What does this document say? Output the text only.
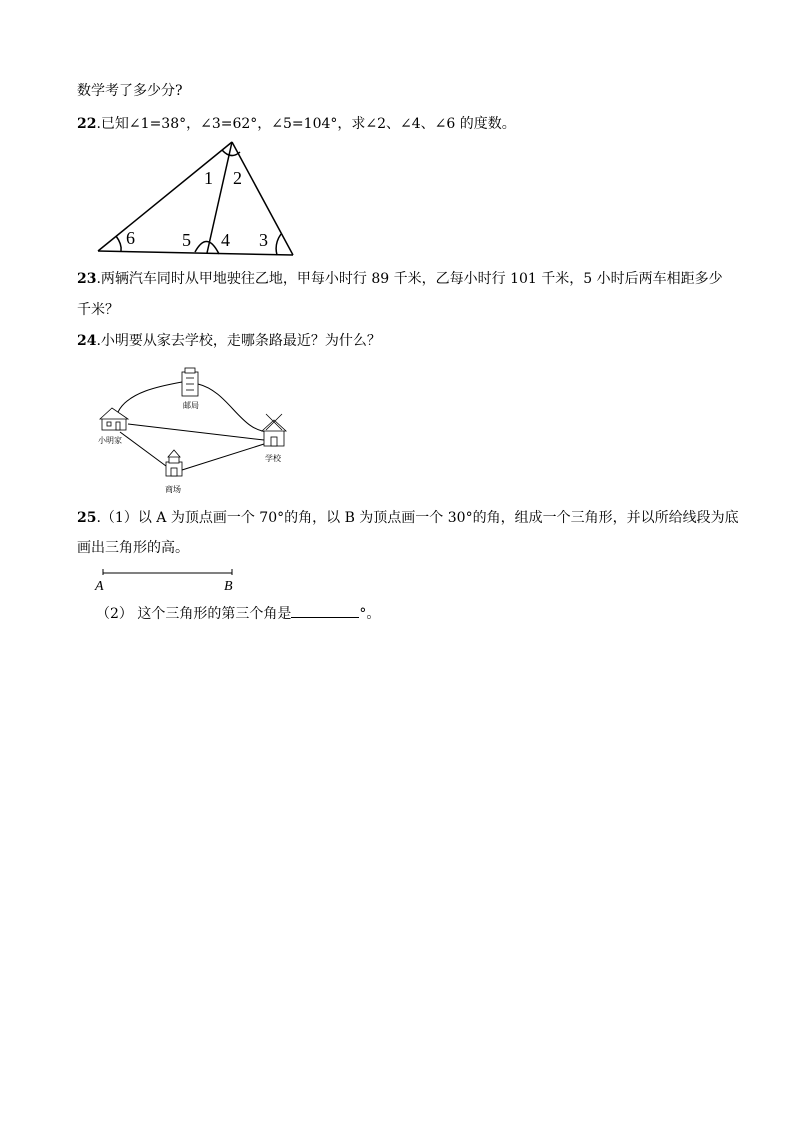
数学考了多少分?
22.已知∠1=38°，∠3=62°，∠5=104°，求∠2、∠4、∠6 的度数。
1 2
6	5 4 3
23.两辆汽车同时从甲地驶往乙地，甲每小时行 89 千米，乙每小时行 101 千米，5 小时后两车相距多少
千米？
24.小明要从家去学校，走哪条路最近？为什么？
小明家
邮局
学校
商场
25.（1）以 A 为顶点画一个 70°的角，以 B 为顶点画一个 30°的角，组成一个三角形，并以所给线段为底
画出三角形的高。
A	B
（2） 这个三角形的第三个角是	°。
